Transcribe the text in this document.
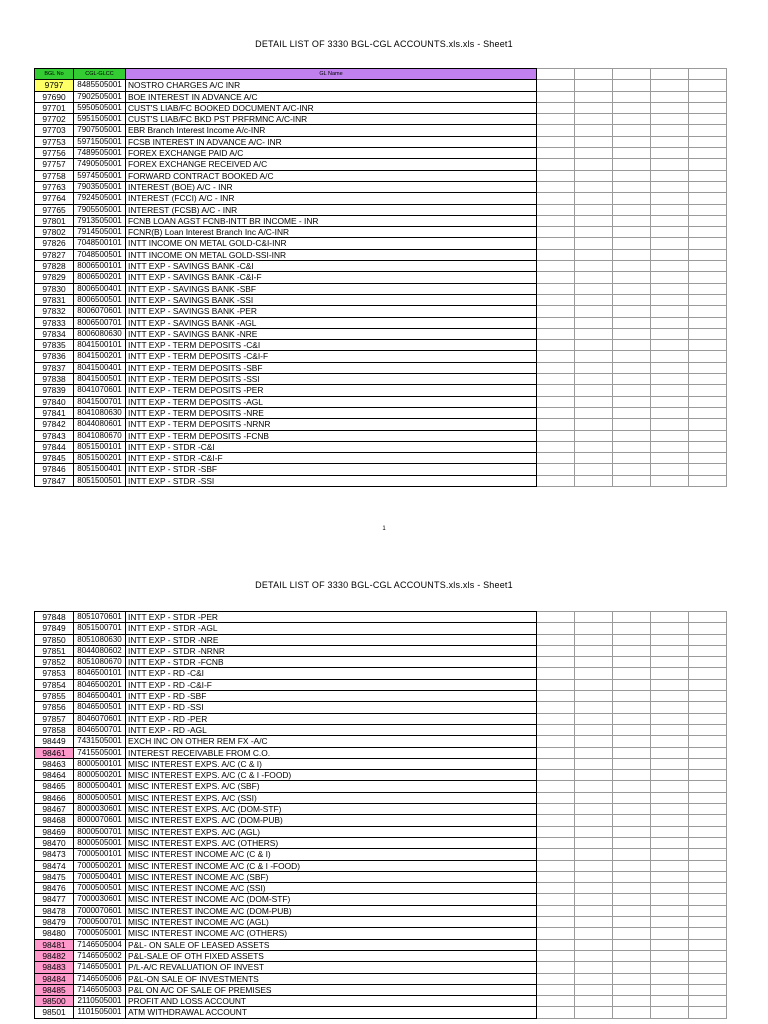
DETAIL LIST OF 3330 BGL-CGL ACCOUNTS.xls.xls - Sheet1
BGL No	CGL-GLCC	GL Name					
9797	8485505001	NOSTRO CHARGES A/C INR					
97690	7902505001	BOE INTEREST IN ADVANCE A/C					
97701	5950505001	CUST'S LIAB/FC BOOKED DOCUMENT A/C-INR					
97702	5951505001	CUST'S LIAB/FC BKD PST PRFRMNC A/C-INR					
97703	7907505001	EBR Branch Interest Income A/c-INR					
97753	5971505001	FCSB INTEREST IN ADVANCE A/C- INR					
97756	7489505001	FOREX EXCHANGE PAID A/C					
97757	7490505001	FOREX EXCHANGE RECEIVED A/C					
97758	5974505001	FORWARD CONTRACT BOOKED A/C					
97763	7903505001	INTEREST (BOE) A/C - INR					
97764	7924505001	INTEREST (FCCI) A/C - INR					
97765	7905505001	INTEREST (FCSB) A/C - INR					
97801	7913505001	FCNB LOAN AGST FCNB-INTT BR INCOME - INR					
97802	7914505001	FCNR(B) Loan Interest Branch Inc A/C-INR					
97826	7048500101	INTT INCOME ON METAL GOLD-C&I-INR					
97827	7048500501	INTT INCOME ON METAL GOLD-SSI-INR					
97828	8006500101	INTT EXP - SAVINGS BANK -C&I					
97829	8006500201	INTT EXP - SAVINGS BANK -C&I-F					
97830	8006500401	INTT EXP - SAVINGS BANK -SBF					
97831	8006500501	INTT EXP - SAVINGS BANK -SSI					
97832	8006070601	INTT EXP - SAVINGS BANK -PER					
97833	8006500701	INTT EXP - SAVINGS BANK -AGL					
97834	8006080630	INTT EXP - SAVINGS BANK -NRE					
97835	8041500101	INTT EXP - TERM DEPOSITS -C&I					
97836	8041500201	INTT EXP - TERM DEPOSITS -C&I-F					
97837	8041500401	INTT EXP - TERM DEPOSITS -SBF					
97838	8041500501	INTT EXP - TERM DEPOSITS -SSI					
97839	8041070601	INTT EXP - TERM DEPOSITS -PER					
97840	8041500701	INTT EXP - TERM DEPOSITS -AGL					
97841	8041080630	INTT EXP - TERM DEPOSITS -NRE					
97842	8044080601	INTT EXP - TERM DEPOSITS -NRNR					
97843	8041080670	INTT EXP - TERM DEPOSITS -FCNB					
97844	8051500101	INTT EXP - STDR -C&I					
97845	8051500201	INTT EXP - STDR -C&I-F					
97846	8051500401	INTT EXP - STDR -SBF					
97847	8051500501	INTT EXP - STDR -SSI					
1
DETAIL LIST OF 3330 BGL-CGL ACCOUNTS.xls.xls - Sheet1
97848	8051070601	INTT EXP - STDR -PER					
97849	8051500701	INTT EXP - STDR -AGL					
97850	8051080630	INTT EXP - STDR -NRE					
97851	8044080602	INTT EXP - STDR -NRNR					
97852	8051080670	INTT EXP - STDR -FCNB					
97853	8046500101	INTT EXP - RD -C&I					
97854	8046500201	INTT EXP - RD -C&I-F					
97855	8046500401	INTT EXP - RD -SBF					
97856	8046500501	INTT EXP - RD -SSI					
97857	8046070601	INTT EXP - RD -PER					
97858	8046500701	INTT EXP - RD -AGL					
98449	7431505001	EXCH INC ON OTHER REM FX -A/C					
98461	7415505001	INTEREST RECEIVABLE FROM C.O.					
98463	8000500101	MISC INTEREST EXPS. A/C (C & I)					
98464	8000500201	MISC INTEREST EXPS. A/C (C & I -FOOD)					
98465	8000500401	MISC INTEREST EXPS. A/C (SBF)					
98466	8000500501	MISC INTEREST EXPS. A/C (SSI)					
98467	8000030601	MISC INTEREST EXPS. A/C (DOM-STF)					
98468	8000070601	MISC INTEREST EXPS. A/C (DOM-PUB)					
98469	8000500701	MISC INTEREST EXPS. A/C (AGL)					
98470	8000505001	MISC INTEREST EXPS. A/C (OTHERS)					
98473	7000500101	MISC INTEREST INCOME A/C (C & I)					
98474	7000500201	MISC INTEREST INCOME A/C (C & I -FOOD)					
98475	7000500401	MISC INTEREST INCOME A/C (SBF)					
98476	7000500501	MISC INTEREST INCOME A/C (SSI)					
98477	7000030601	MISC INTEREST INCOME A/C (DOM-STF)					
98478	7000070601	MISC INTEREST INCOME A/C (DOM-PUB)					
98479	7000500701	MISC INTEREST INCOME A/C (AGL)					
98480	7000505001	MISC INTEREST INCOME A/C (OTHERS)					
98481	7146505004	P&L- ON SALE OF LEASED ASSETS					
98482	7146505002	P&L-SALE OF OTH FIXED ASSETS					
98483	7146505001	P/L-A/C REVALUATION OF INVEST					
98484	7146505006	P&L-ON SALE OF INVESTMENTS					
98485	7146505003	P&L ON A/C OF SALE OF PREMISES					
98500	2110505001	PROFIT AND LOSS ACCOUNT					
98501	1101505001	ATM WITHDRAWAL ACCOUNT					
